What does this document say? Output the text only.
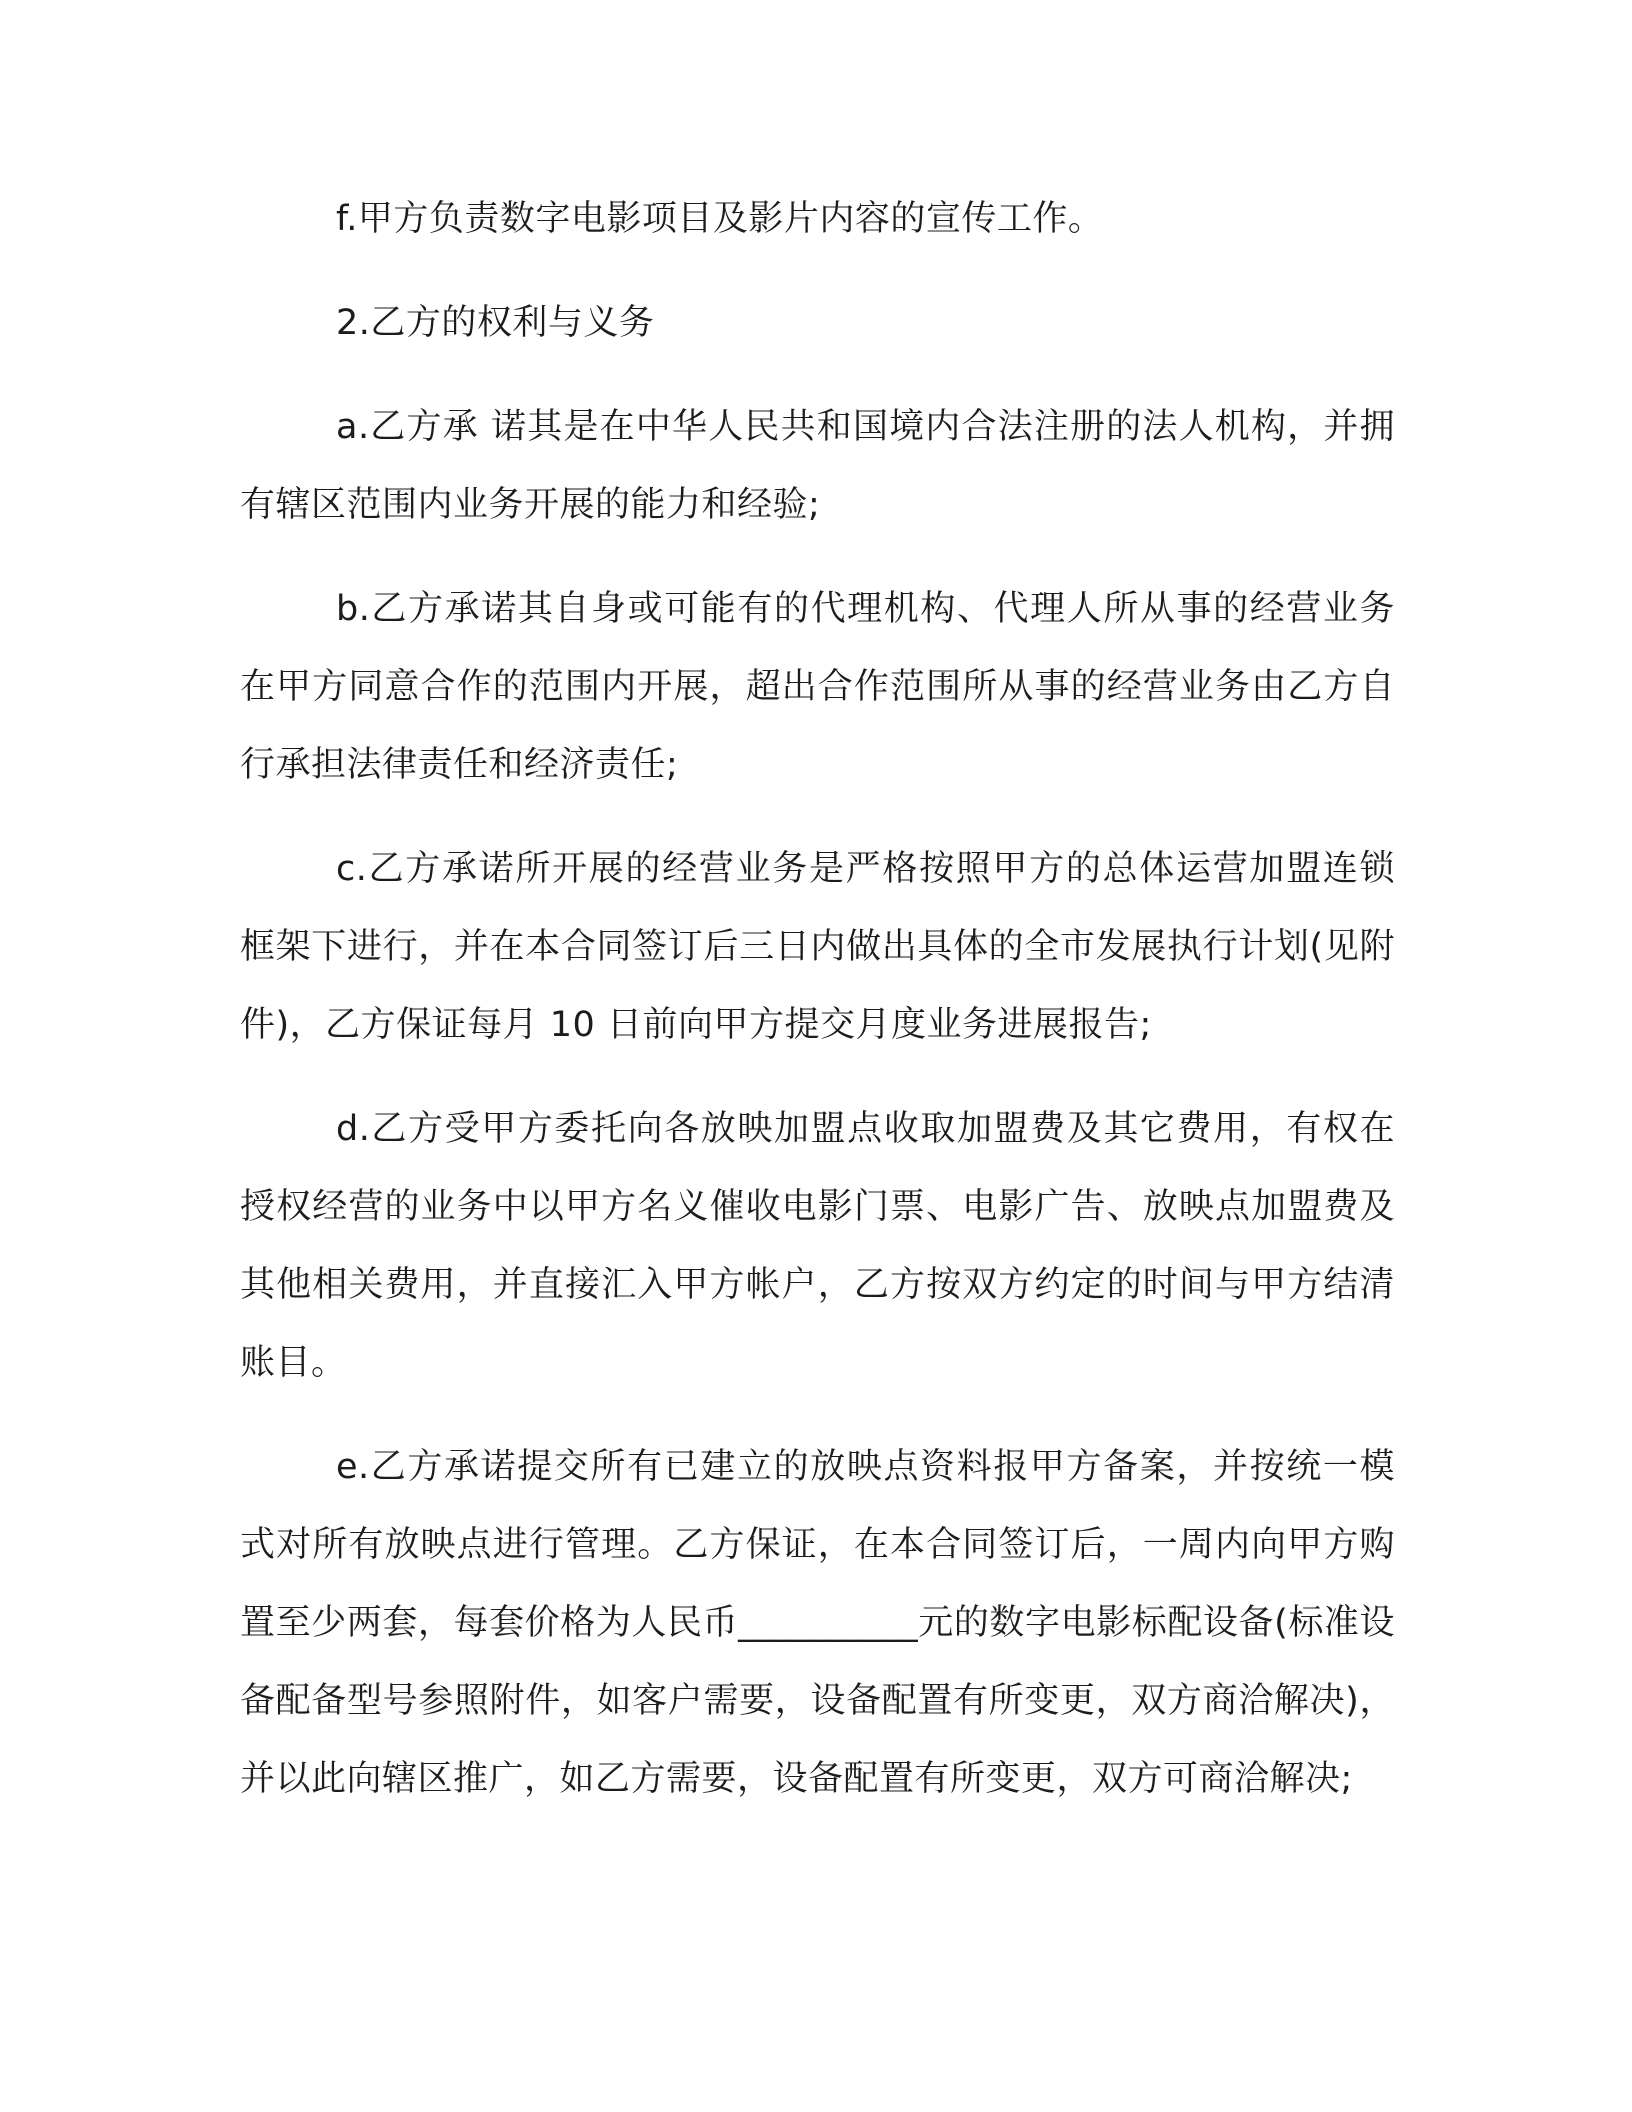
f.甲方负责数字电影项目及影片内容的宣传工作。

2.乙方的权利与义务

a.乙方承 诺其是在中华人民共和国境内合法注册的法人机构，并拥有辖区范围内业务开展的能力和经验;

b.乙方承诺其自身或可能有的代理机构、代理人所从事的经营业务在甲方同意合作的范围内开展，超出合作范围所从事的经营业务由乙方自行承担法律责任和经济责任;

c.乙方承诺所开展的经营业务是严格按照甲方的总体运营加盟连锁框架下进行，并在本合同签订后三日内做出具体的全市发展执行计划(见附件)，乙方保证每月 10 日前向甲方提交月度业务进展报告;

d.乙方受甲方委托向各放映加盟点收取加盟费及其它费用，有权在授权经营的业务中以甲方名义催收电影门票、电影广告、放映点加盟费及其他相关费用，并直接汇入甲方帐户，乙方按双方约定的时间与甲方结清账目。

e.乙方承诺提交所有已建立的放映点资料报甲方备案，并按统一模式对所有放映点进行管理。乙方保证，在本合同签订后，一周内向甲方购置至少两套，每套价格为人民币__________元的数字电影标配设备(标准设备配备型号参照附件，如客户需要，设备配置有所变更，双方商洽解决)，并以此向辖区推广，如乙方需要，设备配置有所变更，双方可商洽解决;
